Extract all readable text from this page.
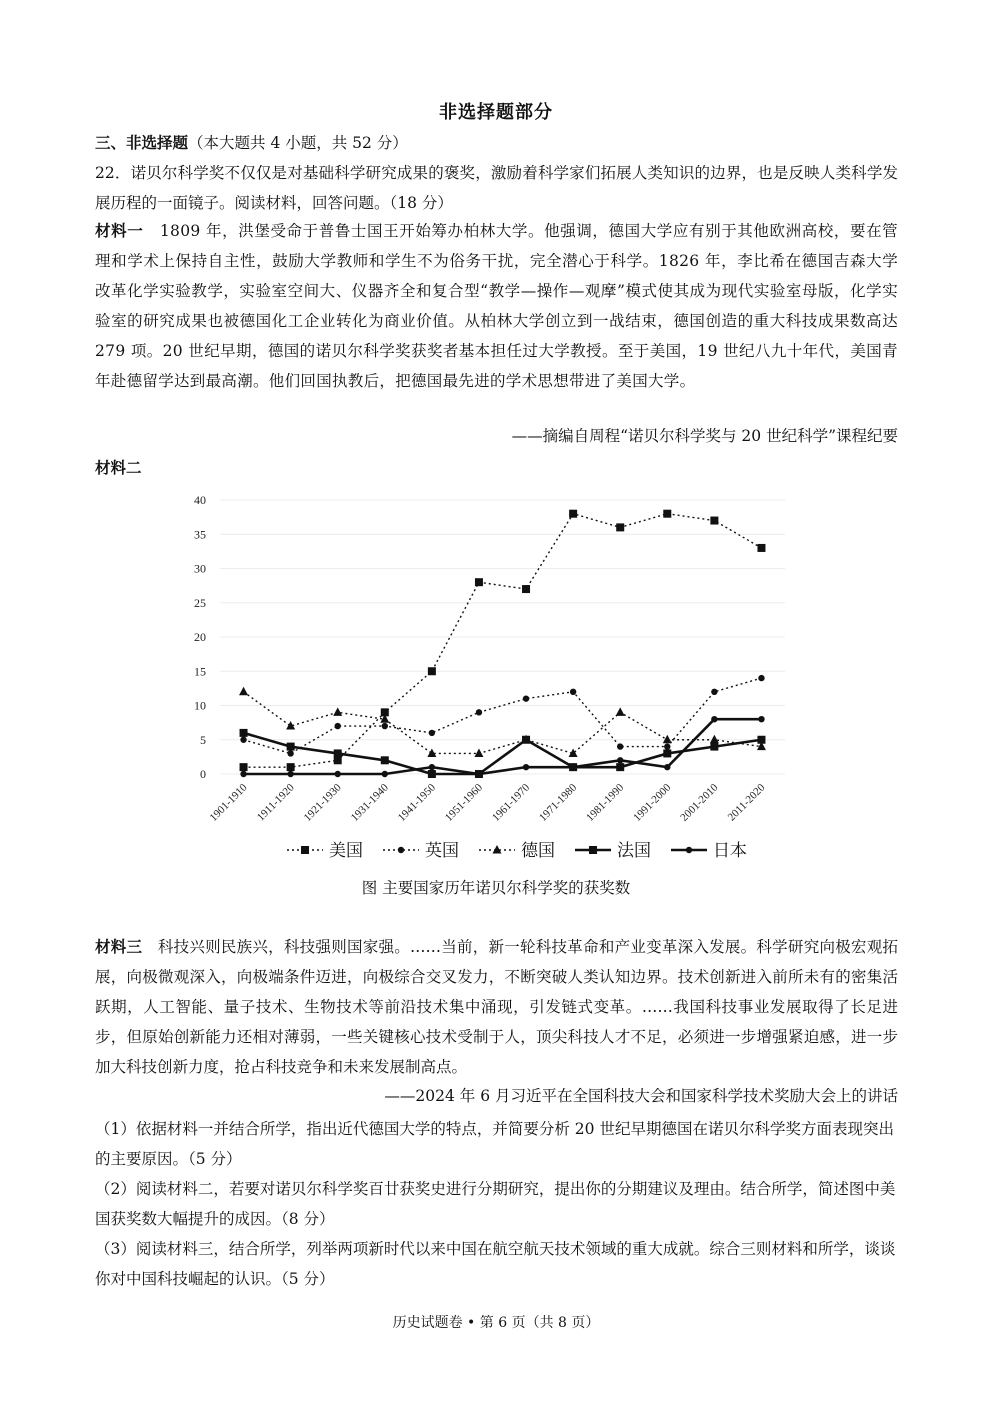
非选择题部分

三、非选择题（本大题共 4 小题，共 52 分）

22．诺贝尔科学奖不仅仅是对基础科学研究成果的褒奖，激励着科学家们拓展人类知识的边界，也是反映人类科学发展历程的一面镜子。阅读材料，回答问题。（18 分）

材料一 1809 年，洪堡受命于普鲁士国王开始筹办柏林大学。他强调，德国大学应有别于其他欧洲高校，要在管理和学术上保持自主性，鼓励大学教师和学生不为俗务干扰，完全潜心于科学。1826 年，李比希在德国吉森大学改革化学实验教学，实验室空间大、仪器齐全和复合型“教学—操作—观摩”模式使其成为现代实验室母版，化学实验室的研究成果也被德国化工企业转化为商业价值。从柏林大学创立到一战结束，德国创造的重大科技成果数高达 279 项。20 世纪早期，德国的诺贝尔科学奖获奖者基本担任过大学教授。至于美国，19 世纪八九十年代，美国青年赴德留学达到最高潮。他们回国执教后，把德国最先进的学术思想带进了美国大学。

——摘编自周程“诺贝尔科学奖与 20 世纪科学”课程纪要
材料二
0
5
10
15
20
25
30
35
40
1901-1910 1911-1920 1921-1930 1931-1940 1941-1950 1951-1960 1961-1970 1971-1980 1981-1990 1991-2000 2001-2010 2011-2020
美国	英国	德国	法国	日本
图 主要国家历年诺贝尔科学奖的获奖数

材料三 科技兴则民族兴，科技强则国家强。……当前，新一轮科技革命和产业变革深入发展。科学研究向极宏观拓展，向极微观深入，向极端条件迈进，向极综合交叉发力，不断突破人类认知边界。技术创新进入前所未有的密集活跃期，人工智能、量子技术、生物技术等前沿技术集中涌现，引发链式变革。……我国科技事业发展取得了长足进步，但原始创新能力还相对薄弱，一些关键核心技术受制于人，顶尖科技人才不足，必须进一步增强紧迫感，进一步加大科技创新力度，抢占科技竞争和未来发展制高点。

——2024 年 6 月习近平在全国科技大会和国家科学技术奖励大会上的讲话

（1）依据材料一并结合所学，指出近代德国大学的特点，并简要分析 20 世纪早期德国在诺贝尔科学奖方面表现突出的主要原因。（5 分）

（2）阅读材料二，若要对诺贝尔科学奖百廿获奖史进行分期研究，提出你的分期建议及理由。结合所学，简述图中美国获奖数大幅提升的成因。（8 分）

（3）阅读材料三，结合所学，列举两项新时代以来中国在航空航天技术领域的重大成就。综合三则材料和所学，谈谈你对中国科技崛起的认识。（5 分）

历史试题卷 • 第 6 页（共 8 页）
